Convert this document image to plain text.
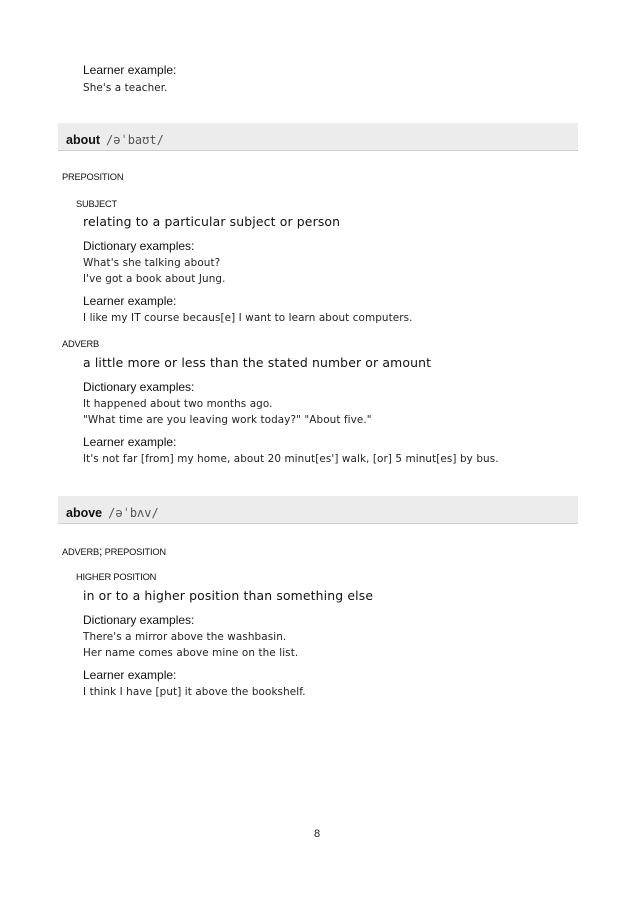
Learner example:
She's a teacher.
about /əˈbaʊt/
PREPOSITION
SUBJECT
relating to a particular subject or person
Dictionary examples:
What's she talking about?
I've got a book about Jung.
Learner example:
I like my IT course becaus[e] I want to learn about computers.
ADVERB
a little more or less than the stated number or amount
Dictionary examples:
It happened about two months ago.
"What time are you leaving work today?" "About five."
Learner example:
It's not far [from] my home, about 20 minut[es'] walk, [or] 5 minut[es] by bus.
above /əˈbʌv/
ADVERB; PREPOSITION
HIGHER POSITION
in or to a higher position than something else
Dictionary examples:
There's a mirror above the washbasin.
Her name comes above mine on the list.
Learner example:
I think I have [put] it above the bookshelf.
8
